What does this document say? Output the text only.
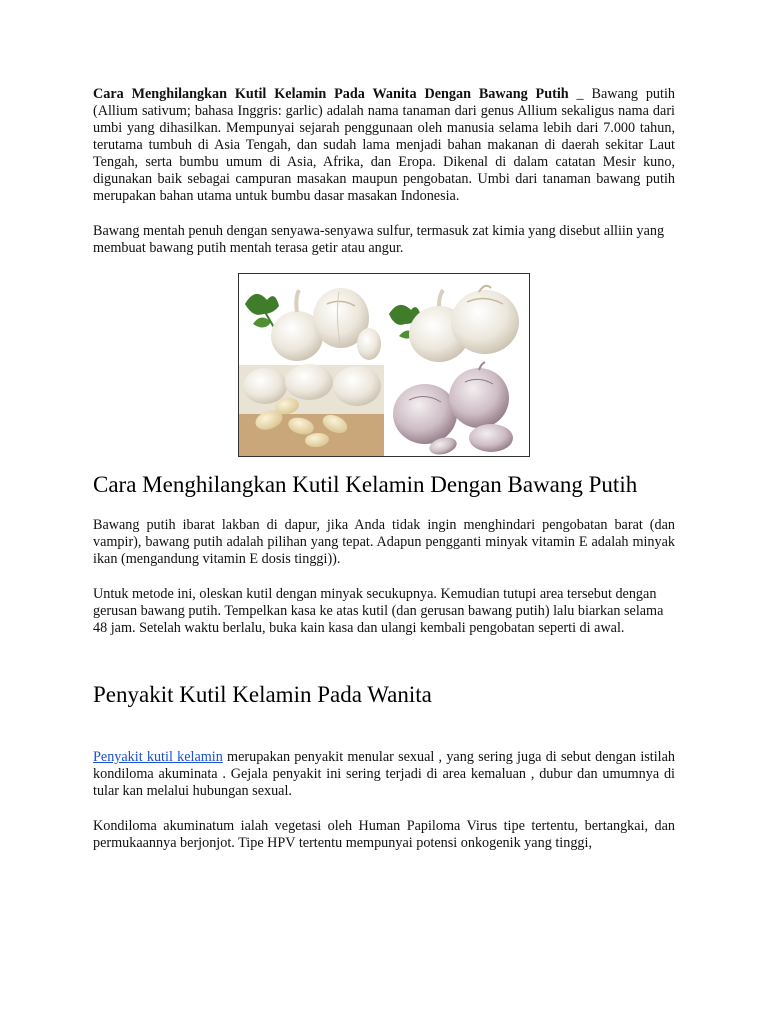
Cara Menghilangkan Kutil Kelamin Pada Wanita Dengan Bawang Putih _ Bawang putih (Allium sativum; bahasa Inggris: garlic) adalah nama tanaman dari genus Allium sekaligus nama dari umbi yang dihasilkan. Mempunyai sejarah penggunaan oleh manusia selama lebih dari 7.000 tahun, terutama tumbuh di Asia Tengah, dan sudah lama menjadi bahan makanan di daerah sekitar Laut Tengah, serta bumbu umum di Asia, Afrika, dan Eropa. Dikenal di dalam catatan Mesir kuno, digunakan baik sebagai campuran masakan maupun pengobatan. Umbi dari tanaman bawang putih merupakan bahan utama untuk bumbu dasar masakan Indonesia.

Bawang mentah penuh dengan senyawa-senyawa sulfur, termasuk zat kimia yang disebut alliin yang membuat bawang putih mentah terasa getir atau angur.

Cara Menghilangkan Kutil Kelamin Dengan Bawang Putih

Bawang putih ibarat lakban di dapur, jika Anda tidak ingin menghindari pengobatan barat (dan vampir), bawang putih adalah pilihan yang tepat. Adapun pengganti minyak vitamin E adalah minyak ikan (mengandung vitamin E dosis tinggi)).

Untuk metode ini, oleskan kutil dengan minyak secukupnya. Kemudian tutupi area tersebut dengan gerusan bawang putih. Tempelkan kasa ke atas kutil (dan gerusan bawang putih) lalu biarkan selama 48 jam. Setelah waktu berlalu, buka kain kasa dan ulangi kembali pengobatan seperti di awal.

Penyakit Kutil Kelamin Pada Wanita

Penyakit kutil kelamin merupakan penyakit menular sexual , yang sering juga di sebut dengan istilah kondiloma akuminata . Gejala penyakit ini sering terjadi di area kemaluan , dubur dan umumnya di tular kan melalui hubungan sexual.

Kondiloma akuminatum ialah vegetasi oleh Human Papiloma Virus tipe tertentu, bertangkai, dan permukaannya berjonjot. Tipe HPV tertentu mempunyai potensi onkogenik yang tinggi,
